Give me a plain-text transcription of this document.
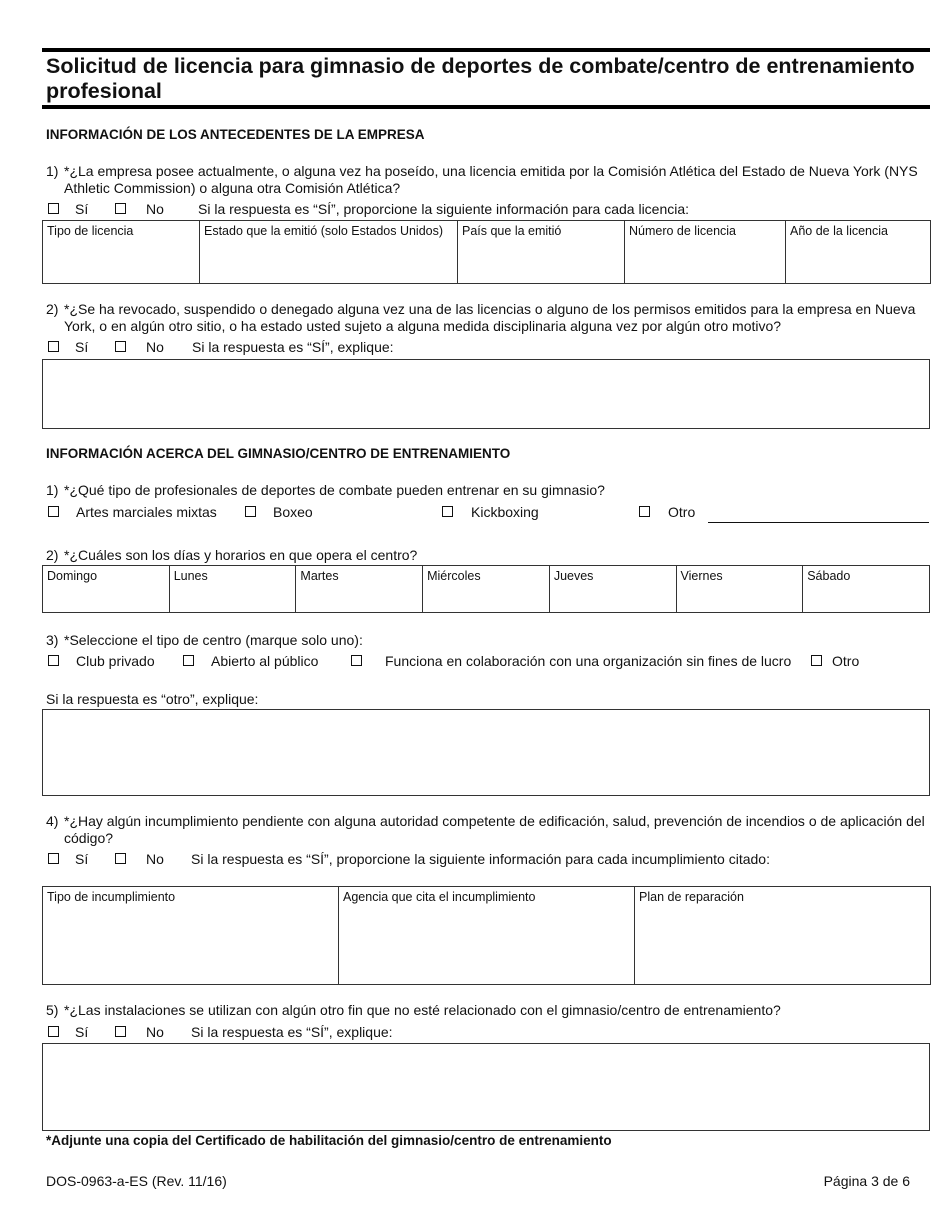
Solicitud de licencia para gimnasio de deportes de combate/centro de entrenamiento profesional
INFORMACIÓN DE LOS ANTECEDENTES DE LA EMPRESA
1) *¿La empresa posee actualmente, o alguna vez ha poseído, una licencia emitida por la Comisión Atlética del Estado de Nueva York (NYS Athletic Commission) o alguna otra Comisión Atlética?
Sí	No Si la respuesta es “SÍ”, proporcione la siguiente información para cada licencia:
Tipo de licencia	Estado que la emitió (solo Estados Unidos)	País que la emitió	Número de licencia	Año de la licencia
2) *¿Se ha revocado, suspendido o denegado alguna vez una de las licencias o alguno de los permisos emitidos para la empresa en Nueva York, o en algún otro sitio, o ha estado usted sujeto a alguna medida disciplinaria alguna vez por algún otro motivo?
Sí	No Si la respuesta es “SÍ”, explique:
INFORMACIÓN ACERCA DEL GIMNASIO/CENTRO DE ENTRENAMIENTO
1) *¿Qué tipo de profesionales de deportes de combate pueden entrenar en su gimnasio?
Artes marciales mixtas	Boxeo	Kickboxing	Otro
2) *¿Cuáles son los días y horarios en que opera el centro?
Domingo	Lunes	Martes	Miércoles	Jueves	Viernes	Sábado
3) *Seleccione el tipo de centro (marque solo uno):
Club privado	Abierto al público	Funciona en colaboración con una organización sin fines de lucro	Otro
Si la respuesta es “otro”, explique:
4) *¿Hay algún incumplimiento pendiente con alguna autoridad competente de edificación, salud, prevención de incendios o de aplicación del código?
Sí	No Si la respuesta es “SÍ”, proporcione la siguiente información para cada incumplimiento citado:
Tipo de incumplimiento	Agencia que cita el incumplimiento	Plan de reparación
5) *¿Las instalaciones se utilizan con algún otro fin que no esté relacionado con el gimnasio/centro de entrenamiento?
Sí	No Si la respuesta es “SÍ”, explique:
*Adjunte una copia del Certificado de habilitación del gimnasio/centro de entrenamiento
DOS-0963-a-ES (Rev. 11/16)	Página 3 de 6
